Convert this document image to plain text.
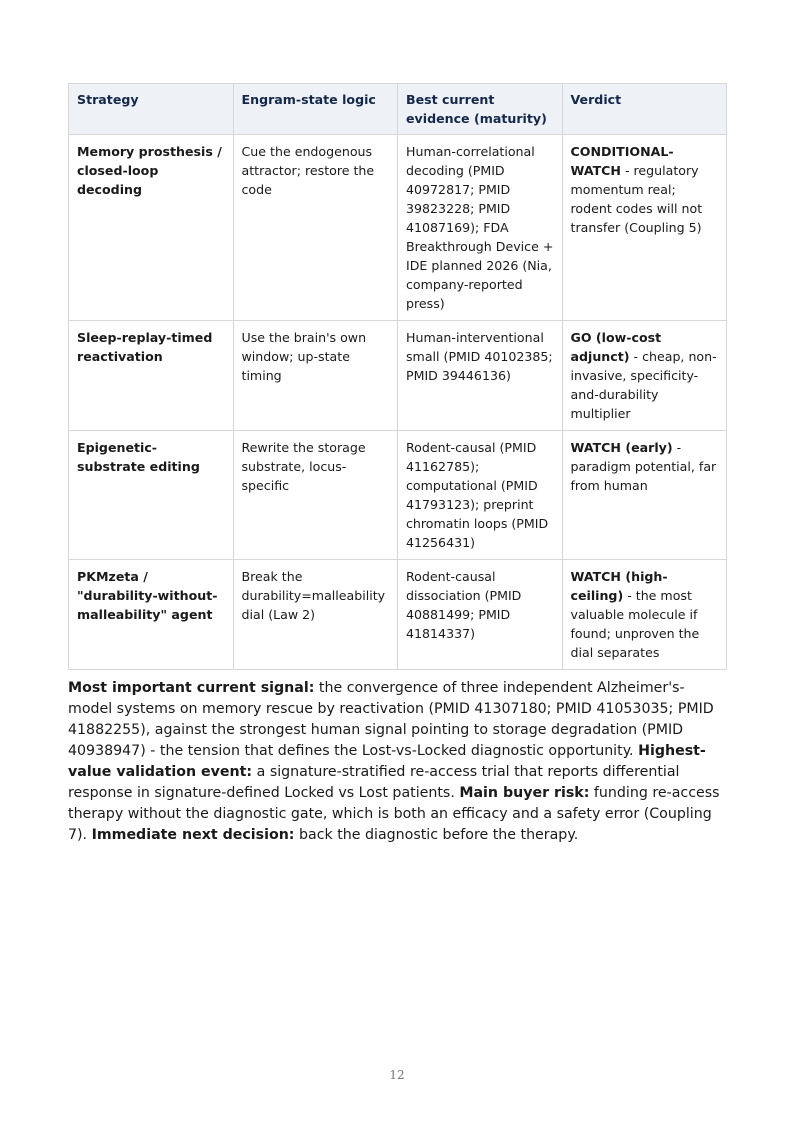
Strategy	Engram-state logic	Best current evidence (maturity)	Verdict
Memory prosthesis / closed-loop decoding	Cue the endogenous attractor; restore the code	Human-correlational decoding (PMID 40972817; PMID 39823228; PMID 41087169); FDA Breakthrough Device + IDE planned 2026 (Nia, company-reported press)	CONDITIONAL-WATCH - regulatory momentum real; rodent codes will not transfer (Coupling 5)
Sleep-replay-timed reactivation	Use the brain's own window; up-state timing	Human-interventional small (PMID 40102385; PMID 39446136)	GO (low-cost adjunct) - cheap, non-invasive, specificity-and-durability multiplier
Epigenetic-substrate editing	Rewrite the storage substrate, locus-specific	Rodent-causal (PMID 41162785); computational (PMID 41793123); preprint chromatin loops (PMID 41256431)	WATCH (early) - paradigm potential, far from human
PKMzeta / "durability-without-malleability" agent	Break the durability=malleability dial (Law 2)	Rodent-causal dissociation (PMID 40881499; PMID 41814337)	WATCH (high-ceiling) - the most valuable molecule if found; unproven the dial separates

Most important current signal: the convergence of three independent Alzheimer's-model systems on memory rescue by reactivation (PMID 41307180; PMID 41053035; PMID 41882255), against the strongest human signal pointing to storage degradation (PMID 40938947) - the tension that defines the Lost-vs-Locked diagnostic opportunity. Highest-value validation event: a signature-stratified re-access trial that reports differential response in signature-defined Locked vs Lost patients. Main buyer risk: funding re-access therapy without the diagnostic gate, which is both an efficacy and a safety error (Coupling 7). Immediate next decision: back the diagnostic before the therapy.

12
